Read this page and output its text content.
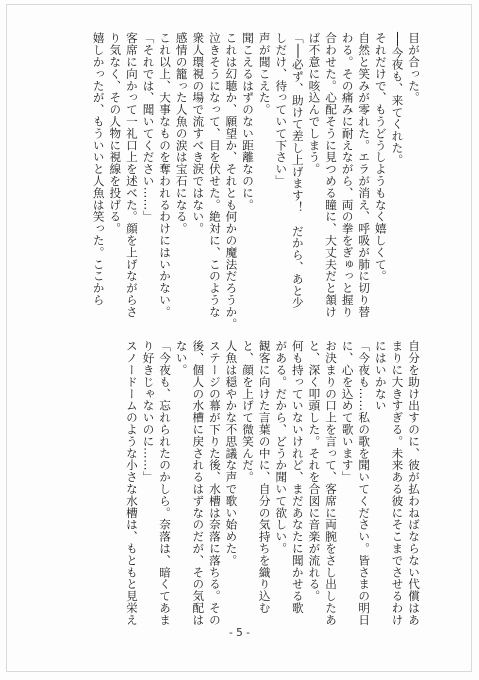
目が合った。
──今夜も、来てくれた。
それだけで、もうどうしようもなく嬉しくて。
自然と笑みが零れた。エラが消え、呼吸が肺に切り替
わる。その痛みに耐えながら、両の拳をぎゅっと握り
合わせた。心配そうに見つめる瞳に、大丈夫だと頷け
ば不意に咳込んでしまう。
「──必ず、助けて差し上げます！　だから、あと少
しだけ、待っていて下さい」
声が聞こえた。
聞こえるはずのない距離なのに。
これは幻聴か、願望か、それとも何かの魔法だろうか。
泣きそうになって、目を伏せた。絶対に、このような
衆人環視の場で流すべき涙ではない。
感情の籠った人魚の涙は宝石になる。
これ以上、大事なものを奪われるわけにはいかない。
「それでは、聞いてください……」
客席に向かって一礼口上を述べた。顔を上げながらさ
り気なく、その人物に視線を投げる。
嬉しかったが、もういいと人魚は笑った。ここから
自分を助け出すのに、彼が払わねばならない代償はあ
まりに大きすぎる。未来ある彼にそこまでさせるわけ
にはいかない
「今夜も……私の歌を聞いてください。皆さまの明日
に、心を込めて歌います」
お決まりの口上を言って、客席に両腕をさし出したあ
と、深く叩頭した。それを合図に音楽が流れる。
何も持っていないけれど、まだあなたに聞かせる歌
がある。だから、どうか聞いて欲しい。
観客に向けた言葉の中に、自分の気持ちを織り込む
と、顔を上げて微笑んだ。
人魚は穏やかな不思議な声で歌い始めた。
ステージの幕が下りた後、水槽は奈落に落ちる。その
後、個人の水槽に戻されるはずなのだが、その気配は
ない。
「今夜も、忘れられたのかしら。奈落は、暗くてあま
り好きじゃないのに……」
スノードームのような小さな水槽は、もともと見栄え
- 5 -
